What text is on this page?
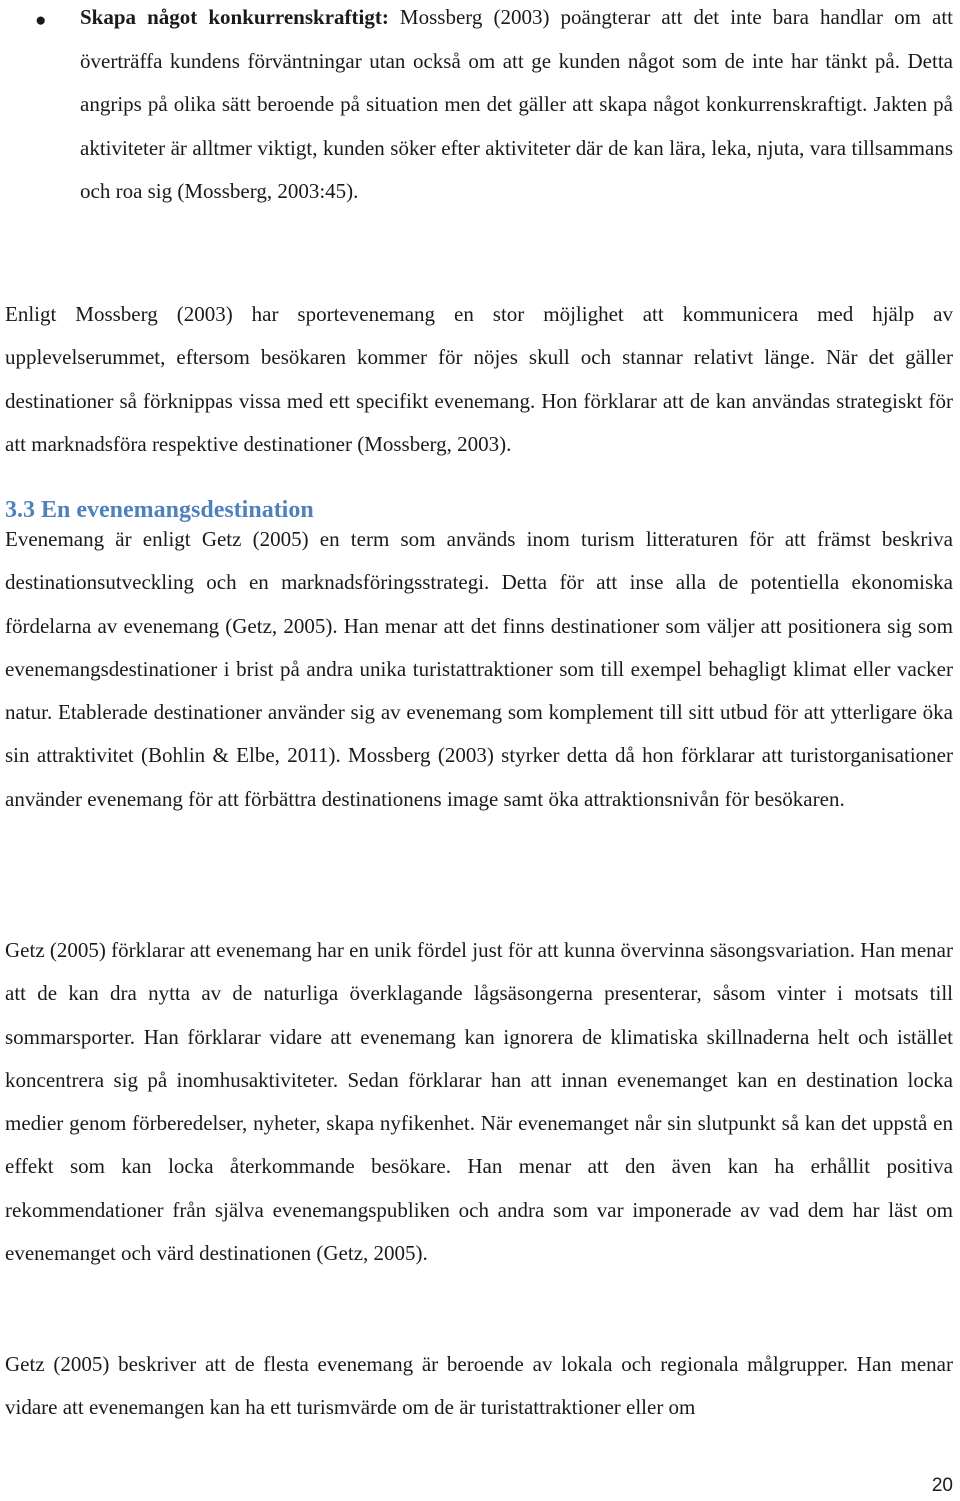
● Skapa något konkurrenskraftigt: Mossberg (2003) poängterar att det inte bara handlar om att överträffa kundens förväntningar utan också om att ge kunden något som de inte har tänkt på. Detta angrips på olika sätt beroende på situation men det gäller att skapa något konkurrenskraftigt. Jakten på aktiviteter är alltmer viktigt, kunden söker efter aktiviteter där de kan lära, leka, njuta, vara tillsammans och roa sig (Mossberg, 2003:45).

Enligt Mossberg (2003) har sportevenemang en stor möjlighet att kommunicera med hjälp av upplevelserummet, eftersom besökaren kommer för nöjes skull och stannar relativt länge. När det gäller destinationer så förknippas vissa med ett specifikt evenemang. Hon förklarar att de kan användas strategiskt för att marknadsföra respektive destinationer (Mossberg, 2003).

3.3 En evenemangsdestination

Evenemang är enligt Getz (2005) en term som används inom turism litteraturen för att främst beskriva destinationsutveckling och en marknadsföringsstrategi. Detta för att inse alla de potentiella ekonomiska fördelarna av evenemang (Getz, 2005). Han menar att det finns destinationer som väljer att positionera sig som evenemangsdestinationer i brist på andra unika turistattraktioner som till exempel behagligt klimat eller vacker natur. Etablerade destinationer använder sig av evenemang som komplement till sitt utbud för att ytterligare öka sin attraktivitet (Bohlin & Elbe, 2011). Mossberg (2003) styrker detta då hon förklarar att turistorganisationer använder evenemang för att förbättra destinationens image samt öka attraktionsnivån för besökaren.

Getz (2005) förklarar att evenemang har en unik fördel just för att kunna övervinna säsongsvariation. Han menar att de kan dra nytta av de naturliga överklagande lågsäsongerna presenterar, såsom vinter i motsats till sommarsporter. Han förklarar vidare att evenemang kan ignorera de klimatiska skillnaderna helt och istället koncentrera sig på inomhusaktiviteter. Sedan förklarar han att innan evenemanget kan en destination locka medier genom förberedelser, nyheter, skapa nyfikenhet. När evenemanget når sin slutpunkt så kan det uppstå en effekt som kan locka återkommande besökare. Han menar att den även kan ha erhållit positiva rekommendationer från själva evenemangspubliken och andra som var imponerade av vad dem har läst om evenemanget och värd destinationen (Getz, 2005).

Getz (2005) beskriver att de flesta evenemang är beroende av lokala och regionala målgrupper. Han menar vidare att evenemangen kan ha ett turismvärde om de är turistattraktioner eller om

20
